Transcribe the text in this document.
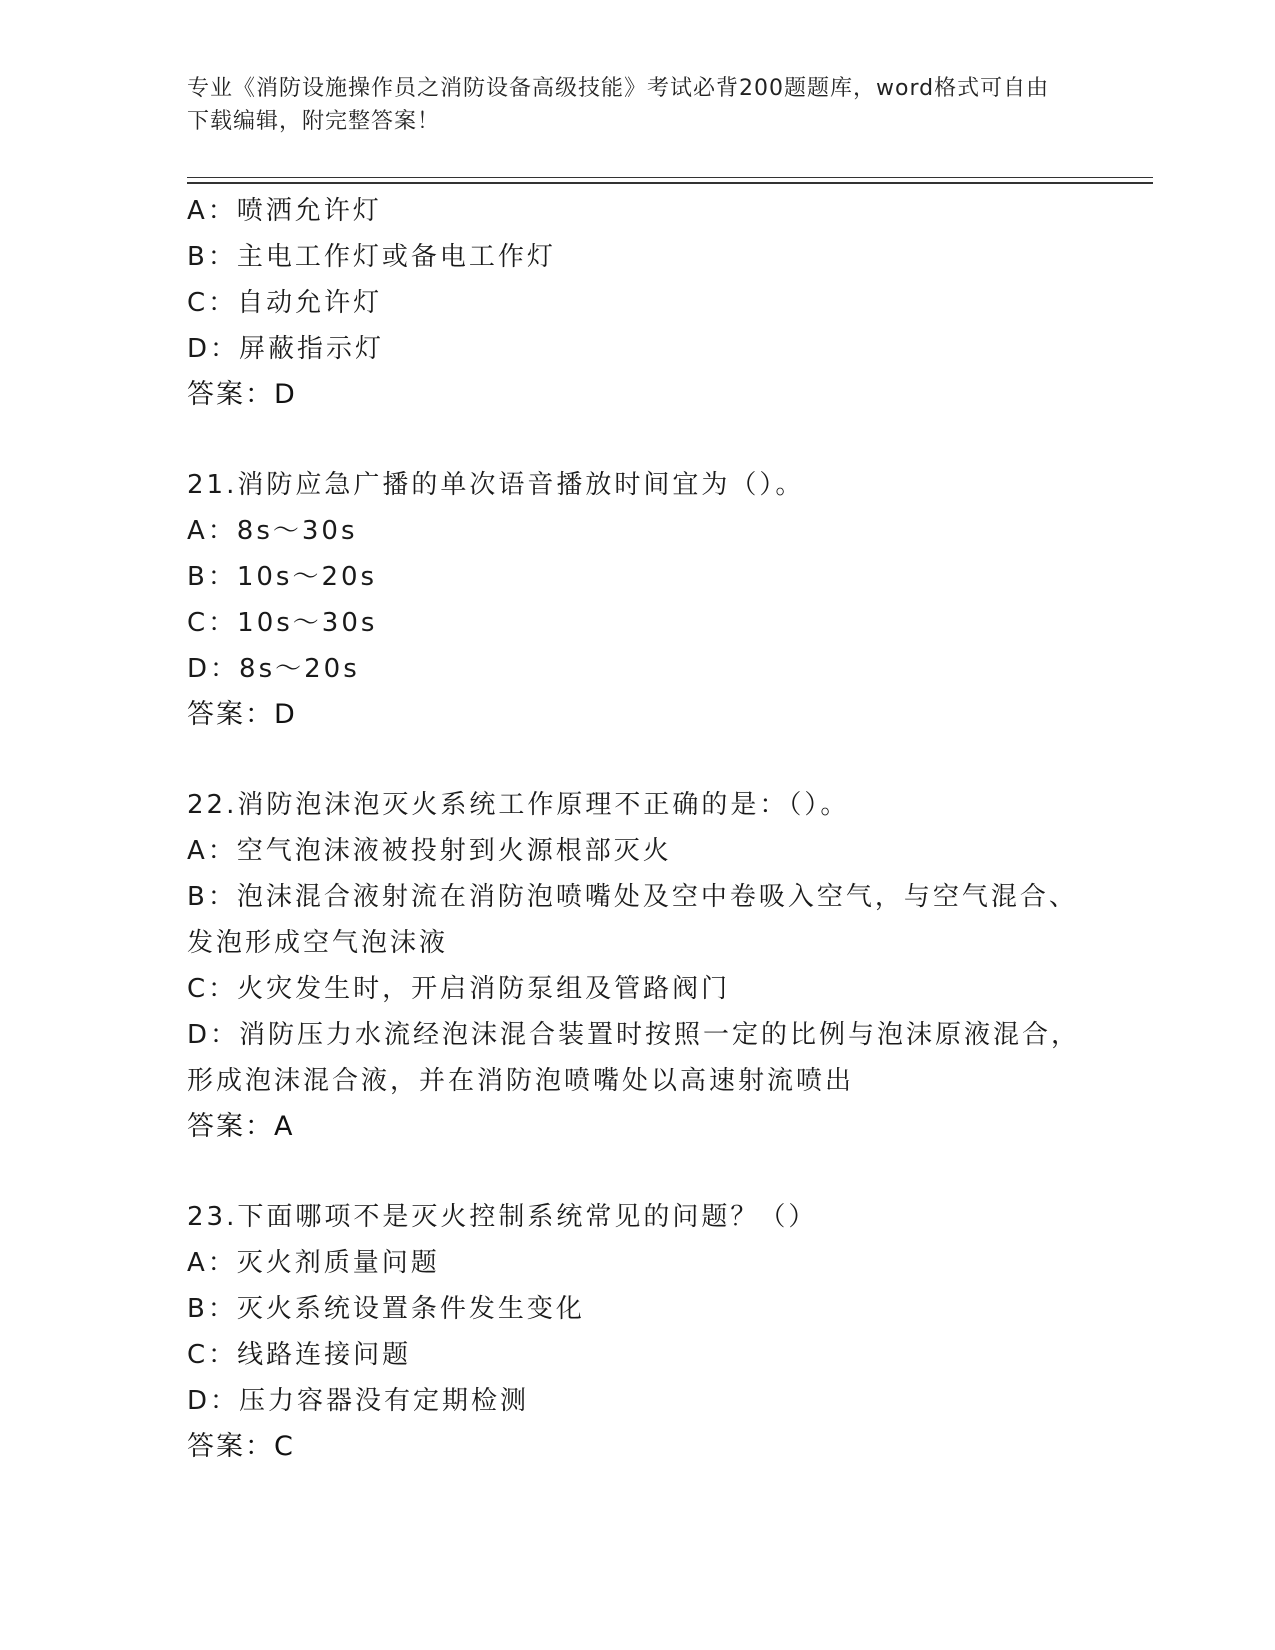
专业《消防设施操作员之消防设备高级技能》考试必背200题题库，word格式可自由下载编辑，附完整答案！
A：喷洒允许灯
B：主电工作灯或备电工作灯
C：自动允许灯
D：屏蔽指示灯
答案：D
21.消防应急广播的单次语音播放时间宜为（）。
A：8s～30s
B：10s～20s
C：10s～30s
D：8s～20s
答案：D
22.消防泡沫泡灭火系统工作原理不正确的是：（）。
A：空气泡沫液被投射到火源根部灭火
B：泡沫混合液射流在消防泡喷嘴处及空中卷吸入空气，与空气混合、发泡形成空气泡沫液
C：火灾发生时，开启消防泵组及管路阀门
D：消防压力水流经泡沫混合装置时按照一定的比例与泡沫原液混合，形成泡沫混合液，并在消防泡喷嘴处以高速射流喷出
答案：A
23.下面哪项不是灭火控制系统常见的问题？（）
A：灭火剂质量问题
B：灭火系统设置条件发生变化
C：线路连接问题
D：压力容器没有定期检测
答案：C
